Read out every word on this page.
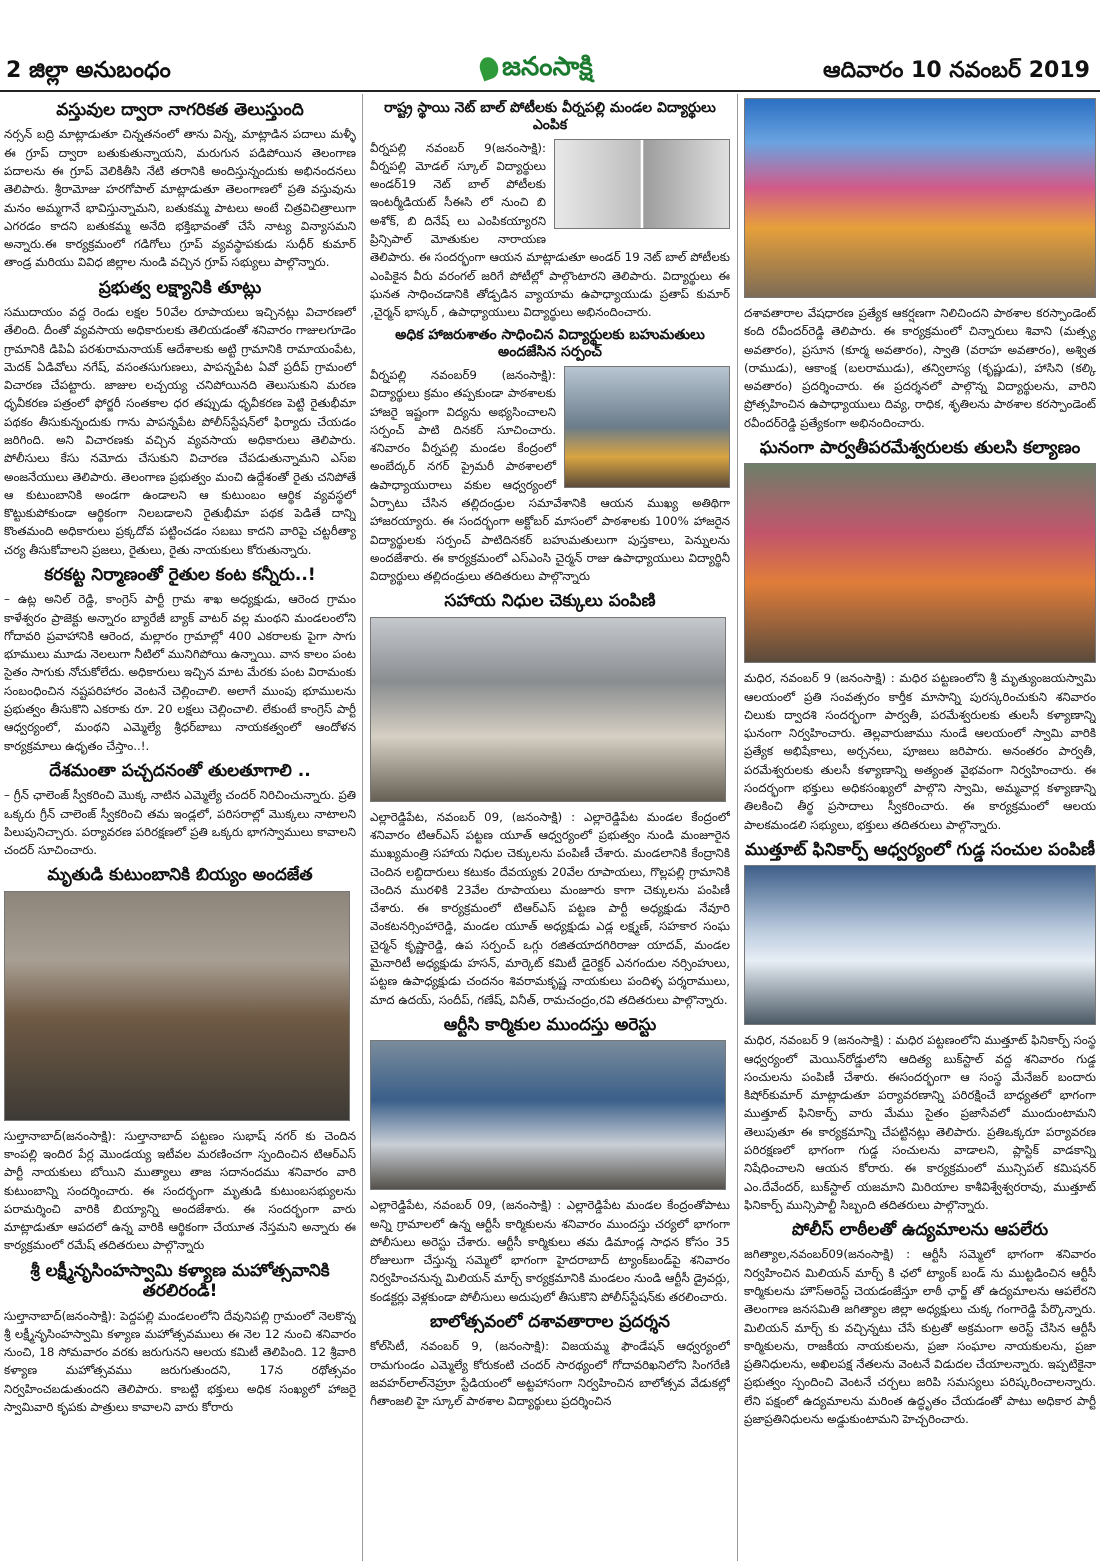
2 జిల్లా అనుబంధం	జనంసాక్షి	ఆదివారం 10 నవంబర్ 2019
వస్తువుల ద్వారా నాగరికత తెలుస్తుంది

నర్సన్ బద్రి మాట్లాడుతూ చిన్నతనంలో తాను విన్న, మాట్లాడిన పదాలు మళ్ళీ ఈ గ్రూప్ ద్వారా బతుకుతున్నాయని, మరుగున పడిపోయిన తెలంగాణ పదాలను ఈ గ్రూప్ వెలికితీసి నేటి తరానికి అందిస్తున్నందుకు అభినందనలు తెలిపారు. శ్రీరామోజు హరగోపాల్ మాట్లాడుతూ తెలంగాణలో ప్రతి వస్తువును మనం అమ్మగానే భావిస్తున్నామని, బతుకమ్మ పాటలు అంటే చిత్రవిచిత్రాలుగా ఎగరడం కాదని బతుకమ్మ అనేది భక్తిభావంతో చేసే నాట్య విన్యాసమని అన్నారు.ఈ కార్యక్రమంలో గడిగోలు గ్రూప్ వ్యవస్థాపకుడు సుధీర్ కుమార్ తాండ్ర మరియు వివిధ జిల్లాల నుండి వచ్చిన గ్రూప్ సభ్యులు పాల్గొన్నారు.

ప్రభుత్వ లక్ష్యానికి తూట్లు

సముదాయం వద్ద రెండు లక్షల 50వేల రూపాయలు ఇచ్చినట్లు విచారణలో తేలింది. దీంతో వ్యవసాయ అధికారులకు తెలియడంతో శనివారం గాజులగూడెం గ్రామానికి డిపిఏ పరశురామనాయక్ ఆదేశాలకు అట్టి గ్రామానికి రామాయంపేట, మెదక్ ఏడివోలు నగేష్, వసంతసుగుణలు, పాపన్నపేట ఏవో ప్రదీప్ గ్రామంలో విచారణ చేపట్టారు. జాజుల లచ్చయ్య చనిపోయినది తెలుసుకుని మరణ ధృవీకరణ పత్రంలో ఫోర్జరీ సంతకాల ధర తప్పుడు ధృవీకరణ పెట్టి రైతుభీమా పథకం తీసుకున్నందుకు గాను పాపన్నపేట పోలీస్‌స్టేషన్‌లో ఫిర్యాదు చేయడం జరిగింది. అని విచారణకు వచ్చిన వ్యవసాయ అధికారులు తెలిపారు. పోలీసులు కేసు నమోదు చేసుకుని విచారణ చేపడుతున్నామని ఎస్ఐ అంజనేయులు తెలిపారు. తెలంగాణ ప్రభుత్వం మంచి ఉద్దేశంతో రైతు చనిపోతే ఆ కుటుంబానికి అండగా ఉండాలని ఆ కుటుంబం ఆర్థిక వ్యవస్థలో కొట్టుకుపోకుండా ఆర్థికంగా నిలబడాలని రైతుభీమా పథక పెడితే దాన్ని కొంతమంది అధికారులు ప్రక్కదోవ పట్టించడం సబబు కాదని వారిపై చట్టరీత్యా చర్య తీసుకోవాలని ప్రజలు, రైతులు, రైతు నాయకులు కోరుతున్నారు.

కరకట్ట నిర్మాణంతో రైతుల కంట కన్నీరు..!

– ఉట్ల అనిల్ రెడ్డి, కాంగ్రెస్ పార్టీ గ్రామ శాఖ అధ్యక్షుడు, ఆరెంద గ్రామం కాళేశ్వరం ప్రాజెక్టు అన్నారం బ్యారేజీ బ్యాక్ వాటర్ వల్ల మంథని మండలంలోని గోదావరి ప్రవాహానికి ఆరెంద, మల్లారం గ్రామాల్లో 400 ఎకరాలకు పైగా సాగు భూములు మూడు నెలలుగా నీటిలో మునిగిపోయి ఉన్నాయి. వాన కాలం పంట సైతం సాగుకు నోచుకోలేదు. అధికారులు ఇచ్చిన మాట మేరకు పంట విరామంకు సంబంధించిన నష్టపరిహారం వెంటనే చెల్లించాలి. అలాగే ముంపు భూములను ప్రభుత్వం తీసుకొని ఎకరాకు రూ. 20 లక్షలు చెల్లించాలి. లేకుంటే కాంగ్రెస్ పార్టీ ఆధ్వర్యంలో, మంథని ఎమ్మెల్యే శ్రీధర్‌బాబు నాయకత్వంలో ఆందోళన కార్యక్రమాలు ఉధృతం చేస్తాం..!.

దేశమంతా పచ్చదనంతో తులతూగాలి ..

– గ్రీన్ ఛాలెంజ్ స్వీకరించి మొక్క నాటిన ఎమ్మెల్యే చందర్ నిరిచించున్నారు. ప్రతి ఒక్కరు గ్రీన్ చాలెంజ్ స్వీకరించి తమ ఇండ్లలో, పరిసరాల్లో మొక్కలు నాటాలని పిలుపునిచ్చారు. పర్యావరణ పరిరక్షణలో ప్రతి ఒక్కరు భాగస్వాములు కావాలని చందర్ సూచించారు.

మృతుడి కుటుంబానికి బియ్యం అందజేత

సుల్తానాబాద్(జనంసాక్షి): సుల్తానాబాద్ పట్టణం సుభాష్ నగర్ కు చెందిన కాంపల్లి ఇందిర పేర్ల మొండయ్య ఇటీవల మరణించగా స్పందించిన టిఆర్ఎస్ పార్టీ నాయకులు బోయిని ముత్యాలు తాజ సదానందము శనివారం వారి కుటుంబాన్ని సందర్శించారు. ఈ సందర్భంగా మృతుడి కుటుంబసభ్యులను పరామర్శించి వారికి బియ్యాన్ని అందజేశారు. ఈ సందర్భంగా వారు మాట్లాడుతూ ఆపదలో ఉన్న వారికి ఆర్థికంగా చేయూత నేస్తమని అన్నారు ఈ కార్యక్రమంలో రమేష్ తదితరులు పాల్గొన్నారు

శ్రీ లక్ష్మీనృసింహస్వామి కళ్యాణ మహోత్సవానికి తరలిరండి!

సుల్తానాబాద్(జనంసాక్షి): పెద్దపల్లి మండలంలోని దేవునిపల్లి గ్రామంలో నెలకొన్న శ్రీ లక్ష్మీనృసింహస్వామి కళ్యాణ మహోత్సవములు ఈ నెల 12 నుంచి శనివారం నుంచి, 18 సోమవారం వరకు జరుగునని ఆలయ కమిటీ తెలిపింది. 12 శ్రీవారి కళ్యాణ మహోత్సవము జరుగుతుందని, 17న రథోత్సవం నిర్వహించబడుతుందని తెలిపారు. కాబట్టి భక్తులు అధిక సంఖ్యలో హాజరై స్వామివారి కృపకు పాత్రులు కావాలని వారు కోరారు

రాష్ట్ర స్థాయి నెట్ బాల్ పోటీలకు వీర్నపల్లి మండల విద్యార్థులు ఎంపిక

వీర్నపల్లి నవంబర్ 9(జనంసాక్షి): వీర్నపల్లి మోడల్ స్కూల్ విద్యార్థులు అండర్19 నెట్ బాల్ పోటీలకు ఇంటర్మీడియట్ సీఈసి లో నుంచి బి అశోక్, బి దినేష్ లు ఎంపికయ్యారని ప్రిన్సిపాల్ మోతుకుల నారాయణ తెలిపారు. ఈ సందర్భంగా ఆయన మాట్లాడుతూ అండర్ 19 నెట్ బాల్ పోటీలకు ఎంపికైన వీరు వరంగల్ జరిగే పోటీల్లో పాల్గొంటారని తెలిపారు. విద్యార్థులు ఈ ఘనత సాధించడానికి తోడ్పడిన వ్యాయామ ఉపాధ్యాయుడు ప్రతాప్ కుమార్ ,చైర్మన్ భాస్కర్ , ఉపాధ్యాయులు విద్యార్థులు అభినందించారు.

అధిక హాజరుశాతం సాధించిన విద్యార్థులకు బహుమతులు అందజేసిన సర్పంచ్

వీర్నపల్లి నవంబర్9 (జనంసాక్షి): విద్యార్థులు క్రమం తప్పకుండా పాఠశాలకు హాజరై ఇష్టంగా విద్యను అభ్యసించాలని సర్పంచ్ పాటి దినకర్ సూచించారు. శనివారం వీర్నపల్లి మండల కేంద్రంలో అంబేద్కర్ నగర్ ప్రైమరీ పాఠశాలలో ఉపాధ్యాయురాలు వకుల ఆధ్వర్యంలో ఏర్పాటు చేసిన తల్లిదండ్రుల సమావేశానికి ఆయన ముఖ్య అతిథిగా హాజరయ్యారు. ఈ సందర్భంగా అక్టోబర్ మాసంలో పాఠశాలకు 100% హాజరైన విద్యార్థులకు సర్పంచ్ పాటిదినకర్ బహుమతులుగా పుస్తకాలు, పెన్నులను అందజేశారు. ఈ కార్యక్రమంలో ఎస్ఎంసి చైర్మన్ రాజు ఉపాధ్యాయులు విద్యార్థినీ విద్యార్థులు తల్లిదండ్రులు తదితరులు పాల్గొన్నారు

సహాయ నిధుల చెక్కులు పంపిణి

ఎల్లారెడ్డిపేట, నవంబర్ 09, (జనంసాక్షి) : ఎల్లారెడ్డిపేట మండల కేంద్రంలో శనివారం టిఆర్ఎస్ పట్టణ యూత్ ఆధ్వర్యంలో ప్రభుత్వం నుండి మంజూరైన ముఖ్యమంత్రి సహాయ నిధుల చెక్కులను పంపిణీ చేశారు. మండలానికి కేంద్రానికి చెందిన లబ్దిదారులు కటుకం దేవయ్యకు 20వేల రూపాయలు, గొల్లపల్లి గ్రామానికి చెందిన మురళికి 23వేల రూపాయలు మంజూరు కాగా చెక్కులను పంపిణీ చేశారు. ఈ కార్యక్రమంలో టిఆర్ఎస్ పట్టణ పార్టీ అధ్యక్షుడు నేవూరి వెంకటనర్సింహారెడ్డి, మండల యూత్ అధ్యక్షుడు ఎడ్ల లక్ష్మణ్, సహకార సంఘ చైర్మన్ కృష్ణారెడ్డి, ఉప సర్పంచ్ ఒగ్గు రజితయాదగిరిరాజు యాదవ్, మండల మైనారిటీ అధ్యక్షుడు హసన్, మార్కెట్ కమిటీ డైరెక్టర్ ఎనగందుల నర్సింహులు, పట్టణ ఉపాధ్యక్షుడు చందనం శివరామకృష్ణ నాయకులు పందిళ్ళ పర్శరాములు, మాద ఉదయ్, సందీప్, గణేష్, వినీత్, రామచంద్రం,రవి తదితరులు పాల్గొన్నారు.

ఆర్టీసి కార్మికుల ముందస్తు అరెస్టు

ఎల్లారెడ్డిపేట, నవంబర్ 09, (జనంసాక్షి) : ఎల్లారెడ్డిపేట మండల కేంద్రంతోపాటు అన్ని గ్రామాలలో ఉన్న ఆర్టీసీ కార్మికులను శనివారం ముందస్తు చర్యలో భాగంగా పోలీసులు అరెస్టు చేశారు. ఆర్టీసీ కార్మికులు తమ డిమాండ్ల సాధన కోసం 35 రోజులుగా చేస్తున్న సమ్మెలో భాగంగా హైదరాబాద్ ట్యాంక్‌బండ్‌పై శనివారం నిర్వహించనున్న మిలియన్ మార్చ్ కార్యక్రమానికి మండలం నుండి ఆర్టీసీ డ్రైవర్లు, కండక్టర్లు వెళ్లకుండా పోలీసులు అదుపులో తీసుకొని పోలీస్‌స్టేషన్‌కు తరలించారు.

బాలోత్సవంలో దశావతారాల ప్రదర్శన

కోల్‌సిటీ, నవంబర్ 9, (జనంసాక్షి): విజయమ్మ ఫౌండేషన్ ఆధ్వర్యంలో రామగుండం ఎమ్మెల్యే కోరుకంటి చందర్ సారథ్యంలో గోదావరిఖనిలోని సింగరేణి జవహర్‌లాల్‌నెహ్రూ స్టేడియంలో అట్టహాసంగా నిర్వహించిన బాలోత్సవ వేడుకల్లో గీతాంజలి హై స్కూల్ పాఠశాల విద్యార్థులు ప్రదర్శించిన

దశావతారాల వేషధారణ ప్రత్యేక ఆకర్షణగా నిలిచిందని పాఠశాల కరస్పాండెంట్ కంది రవీందర్‌రెడ్డి తెలిపారు. ఈ కార్యక్రమంలో చిన్నారులు శివాని (మత్స్య అవతారం), ప్రసూన (కూర్మ అవతారం), స్వాతి (వరాహ అవతారం), అశ్విత (రాముడు), ఆకాంక్ష (బలరాముడు), తన్విలాస్య (కృష్ణుడు), హాసిని (కల్కి అవతారం) ప్రదర్శించారు. ఈ ప్రదర్శనలో పాల్గొన్న విద్యార్థులను, వారిని ప్రోత్సహించిన ఉపాధ్యాయులు దివ్య, రాధిక, శృతిలను పాఠశాల కరస్పాండెంట్ రవీందర్‌రెడ్డి ప్రత్యేకంగా అభినందించారు.

ఘనంగా పార్వతీపరమేశ్వరులకు తులసి కల్యాణం

మధిర, నవంబర్ 9 (జనంసాక్షి) : మధిర పట్టణంలోని శ్రీ మృత్యుంజయస్వామి ఆలయంలో ప్రతి సంవత్సరం కార్తీక మాసాన్ని పురస్కరించుకుని శనివారం చిలుకు ద్వాదశి సందర్భంగా పార్వతీ, పరమేశ్వరులకు తులసీ కళ్యాణాన్ని ఘనంగా నిర్వహించారు. తెల్లవారుజాము నుండే ఆలయంలో స్వామి వారికి ప్రత్యేక అభిషేకాలు, అర్చనలు, పూజలు జరిపారు. అనంతరం పార్వతీ, పరమేశ్వరులకు తులసీ కళ్యాణాన్ని అత్యంత వైభవంగా నిర్వహించారు. ఈ సందర్భంగా భక్తులు అధికసంఖ్యలో పాల్గొని స్వామి, అమ్మవార్ల కళ్యాణాన్ని తిలకించి తీర్థ ప్రసాదాలు స్వీకరించారు. ఈ కార్యక్రమంలో ఆలయ పాలకమండలి సభ్యులు, భక్తులు తదితరులు పాల్గొన్నారు.

ముత్తూట్ ఫినికార్ప్ ఆధ్వర్యంలో గుడ్డ సంచుల పంపిణీ

మధిర, నవంబర్ 9 (జనంసాక్షి) : మధిర పట్టణంలోని ముత్తూట్ ఫినికార్ప్ సంస్థ ఆధ్వర్యంలో మెయిన్‌రోడ్డులోని ఆదిత్య బుక్‌స్టాల్ వద్ద శనివారం గుడ్డ సంచులను పంపిణీ చేశారు. ఈసందర్భంగా ఆ సంస్థ మేనేజర్ బందారు కిషోర్‌కుమార్ మాట్లాడుతూ పర్యావరణాన్ని పరిరక్షించే బాధ్యతలో భాగంగా ముత్తూట్ ఫినికార్ప్ వారు మేము సైతం ప్రజాసేవలో ముందుంటామని తెలుపుతూ ఈ కార్యక్రమాన్ని చేపట్టినట్లు తెలిపారు. ప్రతిఒక్కరూ పర్యావరణ పరిరక్షణలో భాగంగా గుడ్డ సంచులను వాడాలని, ప్లాస్టిక్ వాడకాన్ని నిషేధించాలని ఆయన కోరారు. ఈ కార్యక్రమంలో మున్సిపల్ కమిషనర్ ఎం.దేవేందర్, బుక్‌స్టాల్ యజమాని మిరియాల కాశీవిశ్వేశ్వరరావు, ముత్తూట్ ఫినికార్ప్ మున్సిపాల్టీ సిబ్బంది తదితరులు పాల్గొన్నారు.

పోలీస్ లాఠీలతో ఉద్యమాలను ఆపలేరు

జగిత్యాల,నవంబర్09(జనంసాక్షి) : ఆర్టీసీ సమ్మెలో భాగంగా శనివారం నిర్వహించిన మిలియన్ మార్చ్ కి ఛలో ట్యాంక్ బండ్ ను ముట్టడించిన ఆర్టీసీ కార్మికులను హౌస్అరెస్ట్ చెయడంజేస్తూ లాఠీ ఛార్జ్ తో ఉద్యమాలను ఆపలేరని తెలంగాణ జనసమితి జగిత్యాల జిల్లా అధ్యక్షులు చుక్క గంగారెడ్డి పేర్కొన్నారు. మిలియన్ మార్చ్ కు వచ్చిన్నటు చేసే కుట్రతో అక్రమంగా అరెస్ట్ చేసిన ఆర్టీసీ కార్మికులను, రాజకీయ నాయకులను, ప్రజా సంఘాల నాయకులను, ప్రజా ప్రతినిధులను, అఖిలపక్ష నేతలను వెంటనే విడుదల చేయాలన్నారు. ఇప్పటికైనా ప్రభుత్వం స్పందించి వెంటనే చర్చలు జరిపి సమస్యలు పరిష్కరించాలన్నారు. లేని పక్షంలో ఉద్యమాలను మరింత ఉద్ధృతం చేయడంతో పాటు అధికార పార్టీ ప్రజాప్రతినిధులను అడ్డుకుంటామని హెచ్చరించారు.
